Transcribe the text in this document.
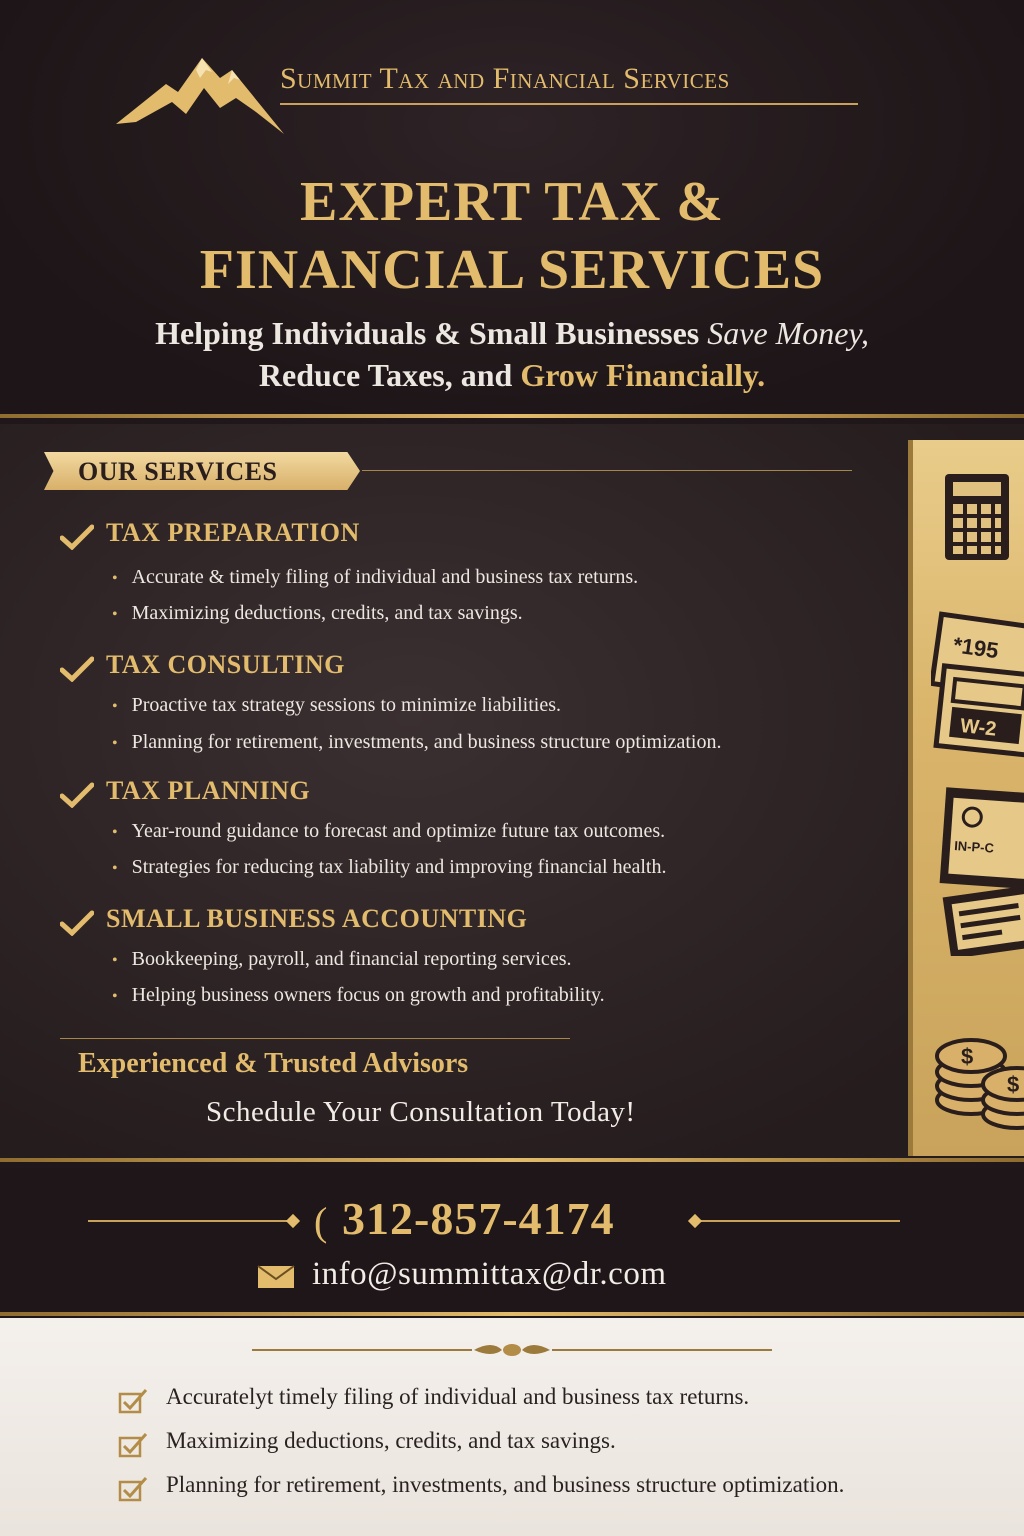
Summit Tax and Financial Services
EXPERT TAX &
FINANCIAL SERVICES
Helping Individuals & Small Businesses Save Money,
Reduce Taxes, and Grow Financially.
OUR SERVICES
TAX PREPARATION
• Accurate & timely filing of individual and business tax returns.
• Maximizing deductions, credits, and tax savings.
TAX CONSULTING
• Proactive tax strategy sessions to minimize liabilities.
• Planning for retirement, investments, and business structure optimization.
TAX PLANNING
• Year-round guidance to forecast and optimize future tax outcomes.
• Strategies for reducing tax liability and improving financial health.
SMALL BUSINESS ACCOUNTING
• Bookkeeping, payroll, and financial reporting services.
• Helping business owners focus on growth and profitability.
Experienced & Trusted Advisors
Schedule Your Consultation Today!
*195
W-2
IN-P-C
$
$
( 312-857-4174
info@summittax@dr.com
Accuratelyt timely filing of individual and business tax returns.
Maximizing deductions, credits, and tax savings.
Planning for retirement, investments, and business structure optimization.
